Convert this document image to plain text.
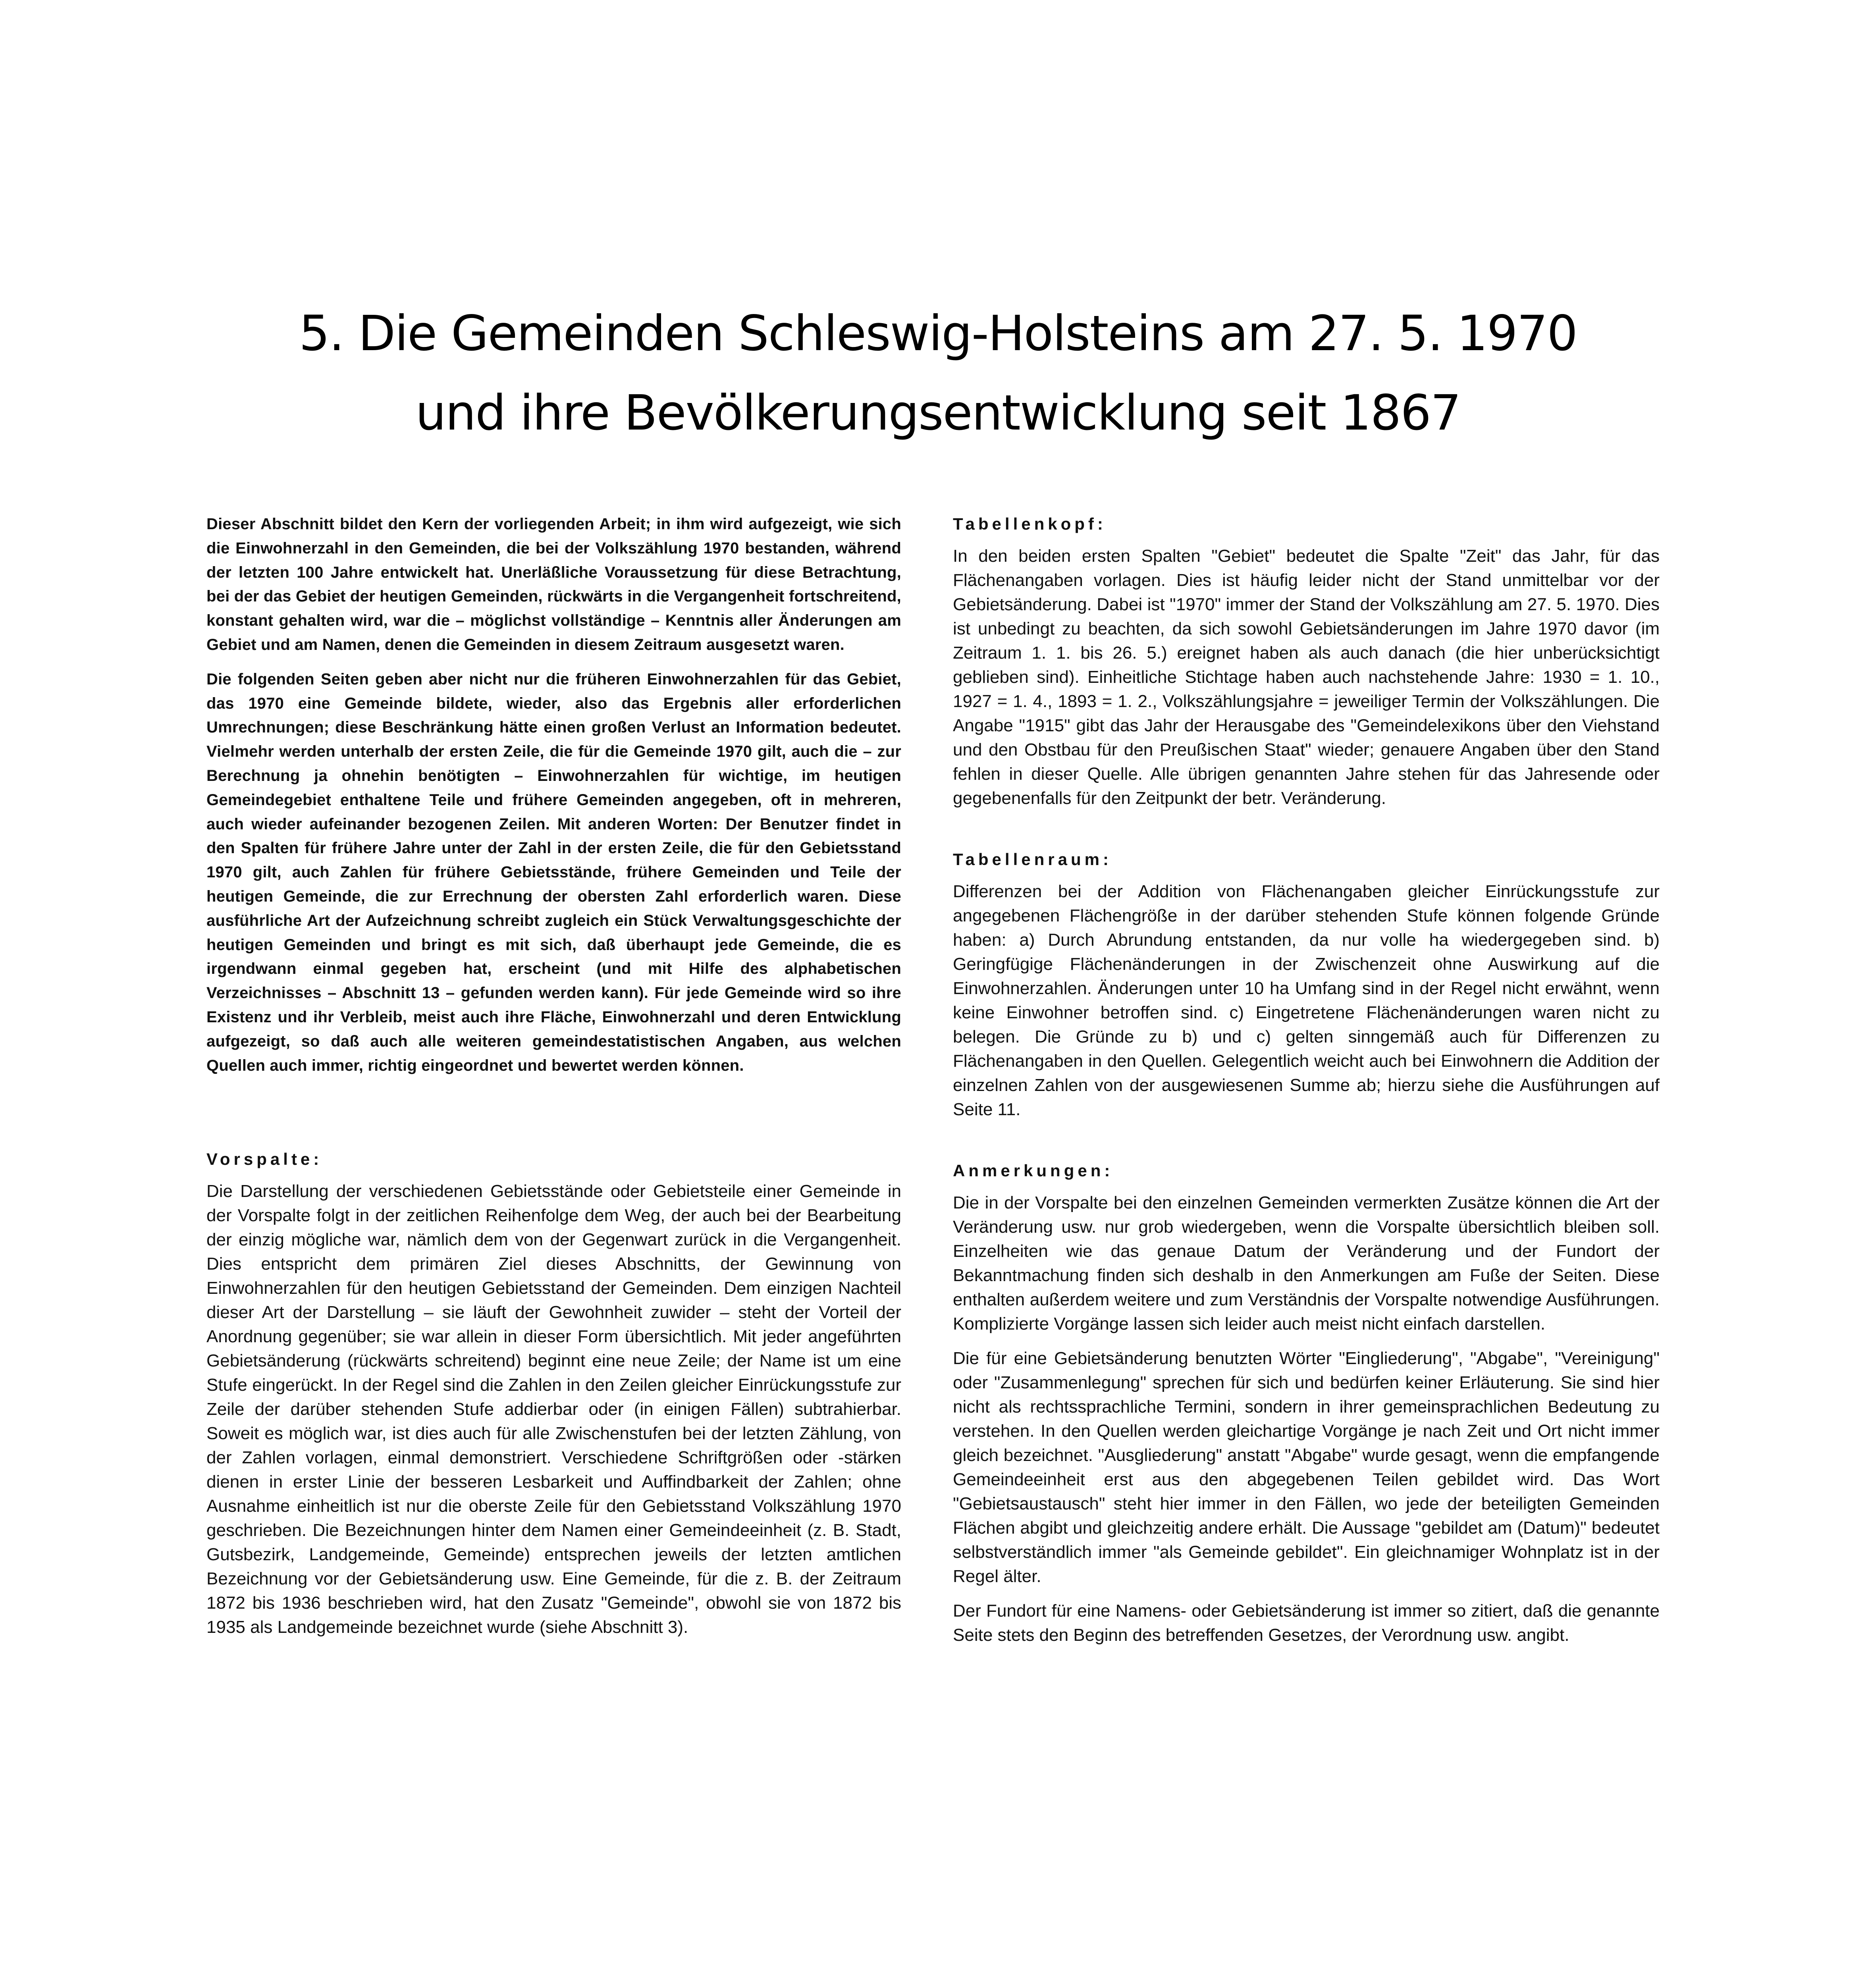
5. Die Gemeinden Schleswig-Holsteins am 27. 5. 1970
und ihre Bevölkerungsentwicklung seit 1867

Dieser Abschnitt bildet den Kern der vorliegenden Arbeit; in ihm wird aufgezeigt, wie sich die Einwohnerzahl in den Gemeinden, die bei der Volkszählung 1970 bestanden, während der letzten 100 Jahre entwickelt hat. Unerläßliche Voraussetzung für diese Betrachtung, bei der das Gebiet der heutigen Gemeinden, rückwärts in die Vergangenheit fortschreitend, konstant gehalten wird, war die – möglichst vollständige – Kenntnis aller Änderungen am Gebiet und am Namen, denen die Gemeinden in diesem Zeitraum ausgesetzt waren.

Die folgenden Seiten geben aber nicht nur die früheren Einwohnerzahlen für das Gebiet, das 1970 eine Gemeinde bildete, wieder, also das Ergebnis aller erforderlichen Umrechnungen; diese Beschränkung hätte einen großen Verlust an Information bedeutet. Vielmehr werden unterhalb der ersten Zeile, die für die Gemeinde 1970 gilt, auch die – zur Berechnung ja ohnehin benötigten – Einwohnerzahlen für wichtige, im heutigen Gemeindegebiet enthaltene Teile und frühere Gemeinden angegeben, oft in mehreren, auch wieder aufeinander bezogenen Zeilen. Mit anderen Worten: Der Benutzer findet in den Spalten für frühere Jahre unter der Zahl in der ersten Zeile, die für den Gebietsstand 1970 gilt, auch Zahlen für frühere Gebietsstände, frühere Gemeinden und Teile der heutigen Gemeinde, die zur Errechnung der obersten Zahl erforderlich waren. Diese ausführliche Art der Aufzeichnung schreibt zugleich ein Stück Verwaltungsgeschichte der heutigen Gemeinden und bringt es mit sich, daß überhaupt jede Gemeinde, die es irgendwann einmal gegeben hat, erscheint (und mit Hilfe des alphabetischen Verzeichnisses – Abschnitt 13 – gefunden werden kann). Für jede Gemeinde wird so ihre Existenz und ihr Verbleib, meist auch ihre Fläche, Einwohnerzahl und deren Entwicklung aufgezeigt, so daß auch alle weiteren gemeindestatistischen Angaben, aus welchen Quellen auch immer, richtig eingeordnet und bewertet werden können.

Vorspalte:

Die Darstellung der verschiedenen Gebietsstände oder Gebietsteile einer Gemeinde in der Vorspalte folgt in der zeitlichen Reihenfolge dem Weg, der auch bei der Bearbeitung der einzig mögliche war, nämlich dem von der Gegenwart zurück in die Vergangenheit. Dies entspricht dem primären Ziel dieses Abschnitts, der Gewinnung von Einwohnerzahlen für den heutigen Gebietsstand der Gemeinden. Dem einzigen Nachteil dieser Art der Darstellung – sie läuft der Gewohnheit zuwider – steht der Vorteil der Anordnung gegenüber; sie war allein in dieser Form übersichtlich. Mit jeder angeführten Gebietsänderung (rückwärts schreitend) beginnt eine neue Zeile; der Name ist um eine Stufe eingerückt. In der Regel sind die Zahlen in den Zeilen gleicher Einrückungsstufe zur Zeile der darüber stehenden Stufe addierbar oder (in einigen Fällen) subtrahierbar. Soweit es möglich war, ist dies auch für alle Zwischenstufen bei der letzten Zählung, von der Zahlen vorlagen, einmal demonstriert. Verschiedene Schriftgrößen oder -stärken dienen in erster Linie der besseren Lesbarkeit und Auffindbarkeit der Zahlen; ohne Ausnahme einheitlich ist nur die oberste Zeile für den Gebietsstand Volkszählung 1970 geschrieben. Die Bezeichnungen hinter dem Namen einer Gemeindeeinheit (z. B. Stadt, Gutsbezirk, Landgemeinde, Gemeinde) entsprechen jeweils der letzten amtlichen Bezeichnung vor der Gebietsänderung usw. Eine Gemeinde, für die z. B. der Zeitraum 1872 bis 1936 beschrieben wird, hat den Zusatz "Gemeinde", obwohl sie von 1872 bis 1935 als Landgemeinde bezeichnet wurde (siehe Abschnitt 3).

Tabellenkopf:

In den beiden ersten Spalten "Gebiet" bedeutet die Spalte "Zeit" das Jahr, für das Flächenangaben vorlagen. Dies ist häufig leider nicht der Stand unmittelbar vor der Gebietsänderung. Dabei ist "1970" immer der Stand der Volkszählung am 27. 5. 1970. Dies ist unbedingt zu beachten, da sich sowohl Gebietsänderungen im Jahre 1970 davor (im Zeitraum 1. 1. bis 26. 5.) ereignet haben als auch danach (die hier unberücksichtigt geblieben sind). Einheitliche Stichtage haben auch nachstehende Jahre: 1930 = 1. 10., 1927 = 1. 4., 1893 = 1. 2., Volkszählungsjahre = jeweiliger Termin der Volkszählungen. Die Angabe "1915" gibt das Jahr der Herausgabe des "Gemeindelexikons über den Viehstand und den Obstbau für den Preußischen Staat" wieder; genauere Angaben über den Stand fehlen in dieser Quelle. Alle übrigen genannten Jahre stehen für das Jahresende oder gegebenenfalls für den Zeitpunkt der betr. Veränderung.

Tabellenraum:

Differenzen bei der Addition von Flächenangaben gleicher Einrückungsstufe zur angegebenen Flächengröße in der darüber stehenden Stufe können folgende Gründe haben: a) Durch Abrundung entstanden, da nur volle ha wiedergegeben sind. b) Geringfügige Flächenänderungen in der Zwischenzeit ohne Auswirkung auf die Einwohnerzahlen. Änderungen unter 10 ha Umfang sind in der Regel nicht erwähnt, wenn keine Einwohner betroffen sind. c) Eingetretene Flächenänderungen waren nicht zu belegen. Die Gründe zu b) und c) gelten sinngemäß auch für Differenzen zu Flächenangaben in den Quellen. Gelegentlich weicht auch bei Einwohnern die Addition der einzelnen Zahlen von der ausgewiesenen Summe ab; hierzu siehe die Ausführungen auf Seite 11.

Anmerkungen:

Die in der Vorspalte bei den einzelnen Gemeinden vermerkten Zusätze können die Art der Veränderung usw. nur grob wiedergeben, wenn die Vorspalte übersichtlich bleiben soll. Einzelheiten wie das genaue Datum der Veränderung und der Fundort der Bekanntmachung finden sich deshalb in den Anmerkungen am Fuße der Seiten. Diese enthalten außerdem weitere und zum Verständnis der Vorspalte notwendige Ausführungen. Komplizierte Vorgänge lassen sich leider auch meist nicht einfach darstellen.

Die für eine Gebietsänderung benutzten Wörter "Eingliederung", "Abgabe", "Vereinigung" oder "Zusammenlegung" sprechen für sich und bedürfen keiner Erläuterung. Sie sind hier nicht als rechtssprachliche Termini, sondern in ihrer gemeinsprachlichen Bedeutung zu verstehen. In den Quellen werden gleichartige Vorgänge je nach Zeit und Ort nicht immer gleich bezeichnet. "Ausgliederung" anstatt "Abgabe" wurde gesagt, wenn die empfangende Gemeindeeinheit erst aus den abgegebenen Teilen gebildet wird. Das Wort "Gebietsaustausch" steht hier immer in den Fällen, wo jede der beteiligten Gemeinden Flächen abgibt und gleichzeitig andere erhält. Die Aussage "gebildet am (Datum)" bedeutet selbstverständlich immer "als Gemeinde gebildet". Ein gleichnamiger Wohnplatz ist in der Regel älter.

Der Fundort für eine Namens- oder Gebietsänderung ist immer so zitiert, daß die genannte Seite stets den Beginn des betreffenden Gesetzes, der Verordnung usw. angibt.
